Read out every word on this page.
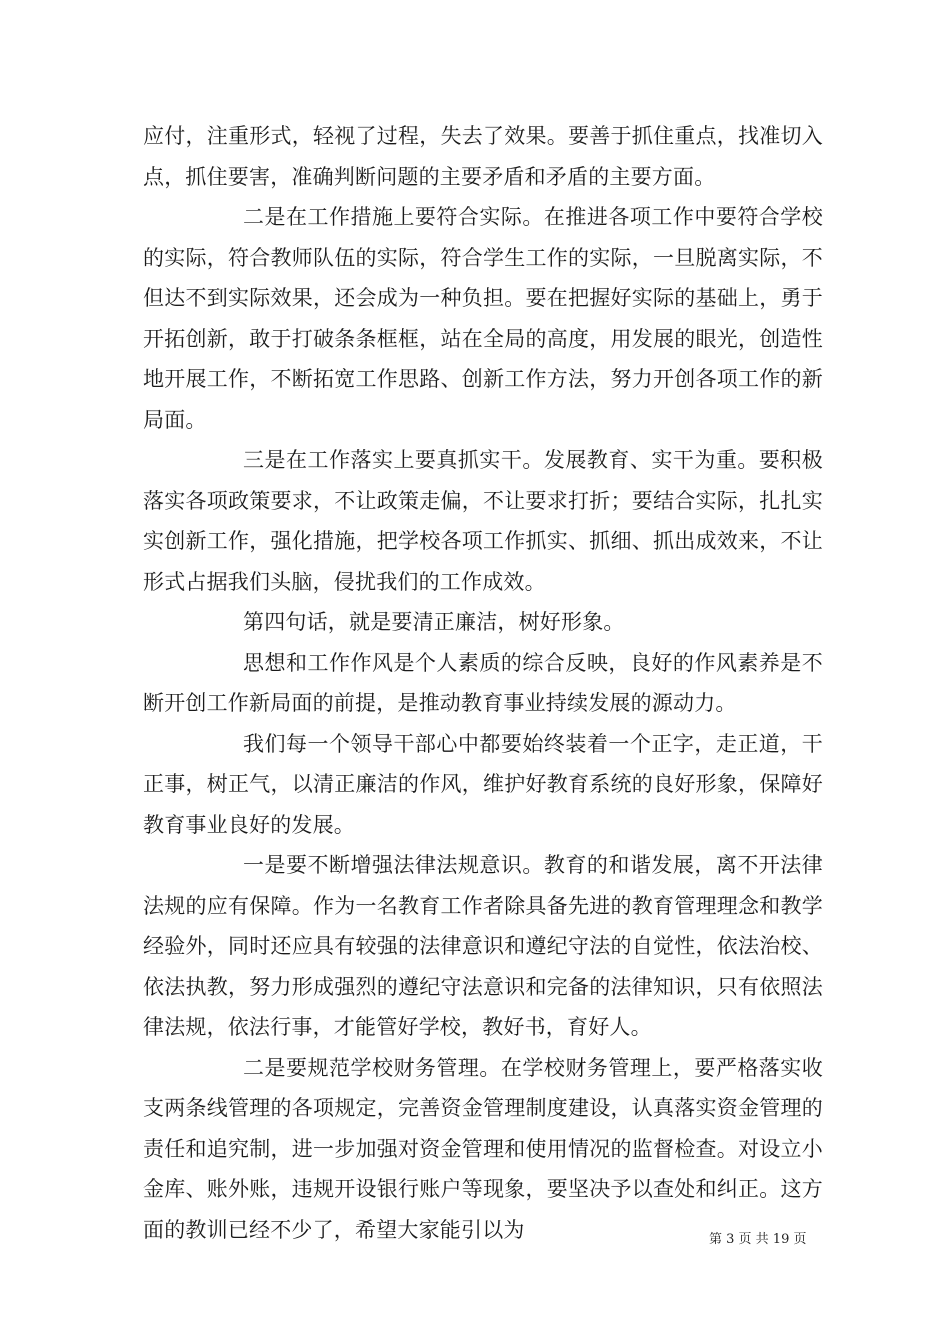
应付，注重形式，轻视了过程，失去了效果。要善于抓住重点，找准切入点，抓住要害，准确判断问题的主要矛盾和矛盾的主要方面。

二是在工作措施上要符合实际。在推进各项工作中要符合学校的实际，符合教师队伍的实际，符合学生工作的实际，一旦脱离实际，不但达不到实际效果，还会成为一种负担。要在把握好实际的基础上，勇于开拓创新，敢于打破条条框框，站在全局的高度，用发展的眼光，创造性地开展工作，不断拓宽工作思路、创新工作方法，努力开创各项工作的新局面。

三是在工作落实上要真抓实干。发展教育、实干为重。要积极落实各项政策要求，不让政策走偏，不让要求打折；要结合实际，扎扎实实创新工作，强化措施，把学校各项工作抓实、抓细、抓出成效来，不让形式占据我们头脑，侵扰我们的工作成效。

第四句话，就是要清正廉洁，树好形象。

思想和工作作风是个人素质的综合反映，良好的作风素养是不断开创工作新局面的前提，是推动教育事业持续发展的源动力。

我们每一个领导干部心中都要始终装着一个正字，走正道，干正事，树正气，以清正廉洁的作风，维护好教育系统的良好形象，保障好教育事业良好的发展。

一是要不断增强法律法规意识。教育的和谐发展，离不开法律法规的应有保障。作为一名教育工作者除具备先进的教育管理理念和教学经验外，同时还应具有较强的法律意识和遵纪守法的自觉性，依法治校、依法执教，努力形成强烈的遵纪守法意识和完备的法律知识，只有依照法律法规，依法行事，才能管好学校，教好书，育好人。

二是要规范学校财务管理。在学校财务管理上，要严格落实收支两条线管理的各项规定，完善资金管理制度建设，认真落实资金管理的责任和追究制，进一步加强对资金管理和使用情况的监督检查。对设立小金库、账外账，违规开设银行账户等现象，要坚决予以查处和纠正。这方面的教训已经不少了，希望大家能引以为	第 3 页 共 19 页
